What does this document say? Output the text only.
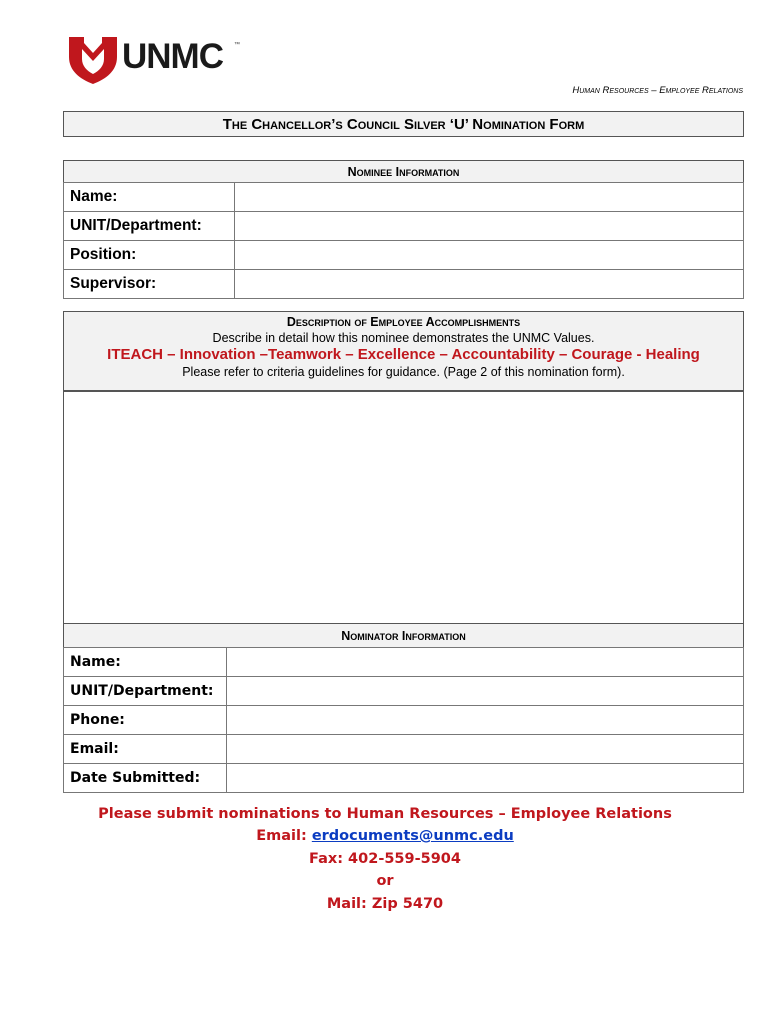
UNMC ™
Human Resources – Employee Relations
The Chancellor’s Council Silver ‘U’ Nomination Form
Nominee Information
Name:	
UNIT/Department:	
Position:	
Supervisor:	
Description of Employee Accomplishments
Describe in detail how this nominee demonstrates the UNMC Values.
ITEACH – Innovation –Teamwork – Excellence – Accountability – Courage - Healing
Please refer to criteria guidelines for guidance. (Page 2 of this nomination form).
Nominator Information
Name:	
UNIT/Department:	
Phone:	
Email:	
Date Submitted:	
Please submit nominations to Human Resources – Employee Relations
Email: erdocuments@unmc.edu
Fax: 402-559-5904
or
Mail: Zip 5470
